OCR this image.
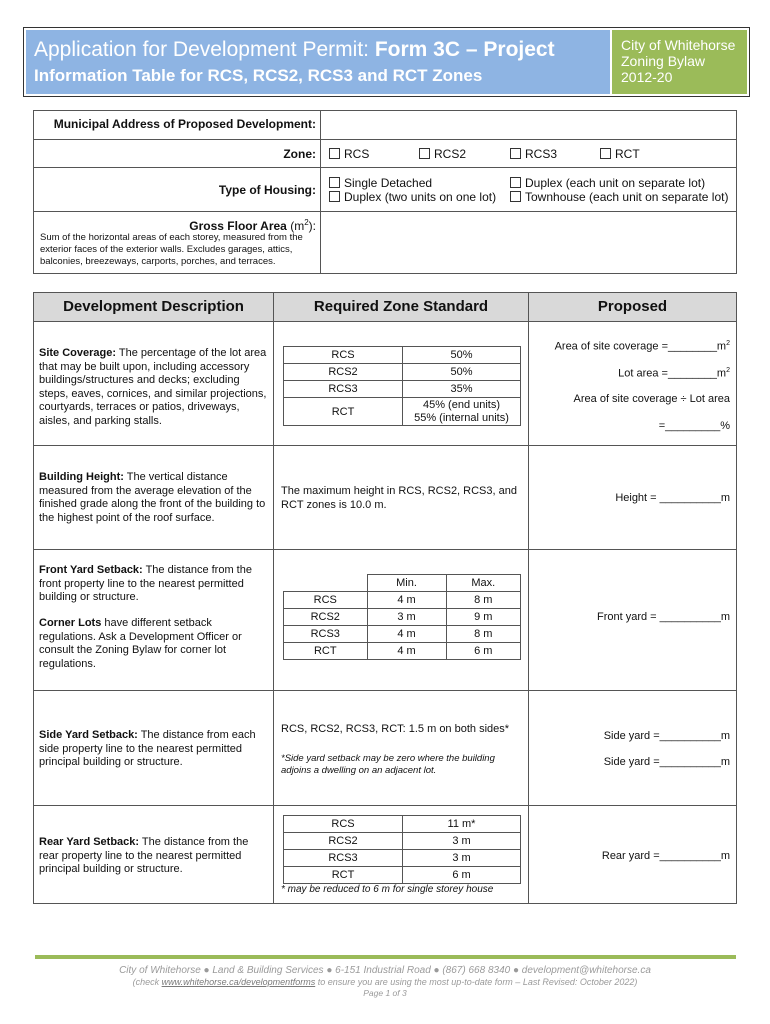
Application for Development Permit: Form 3C – Project
Information Table for RCS, RCS2, RCS3 and RCT Zones
City of Whitehorse
Zoning Bylaw
2012-20
Municipal Address of Proposed Development:
Zone:	RCS	RCS2	RCS3	RCT
Type of Housing:	Single Detached
Duplex (two units on one lot)
Duplex (each unit on separate lot)
Townhouse (each unit on separate lot)
Gross Floor Area $(m^2)$:
Sum of the horizontal areas of each storey, measured from the exterior faces of the exterior walls. Excludes garages, attics, balconies, breezeways, carports, porches, and terraces.
Development Description	Required Zone Standard	Proposed
Site Coverage: The percentage of the lot area that may be built upon, including accessory buildings/structures and decks; excluding steps, eaves, cornices, and similar projections, courtyards, terraces or patios, driveways, aisles, and parking stalls.
RCS	50%
RCS2	50%
RCS3	35%
RCT	45% (end units)
55% (internal units)
Area of site coverage $=\_\_\_\_\_\_\_\_m^2$
Lot area $=\_\_\_\_\_\_\_\_m^2$
Area of site coverage ÷ Lot area
=_________%
Building Height: The vertical distance measured from the average elevation of the finished grade along the front of the building to the highest point of the roof surface.
The maximum height in RCS, RCS2, RCS3, and RCT zones is 10.0 m.
Height = __________m
Front Yard Setback: The distance from the front property line to the nearest permitted building or structure.
Corner Lots have different setback regulations. Ask a Development Officer or consult the Zoning Bylaw for corner lot regulations.
	Min.	Max.
RCS	4 m	8 m
RCS2	3 m	9 m
RCS3	4 m	8 m
RCT	4 m	6 m
Front yard = __________m
Side Yard Setback: The distance from each side property line to the nearest permitted principal building or structure.
RCS, RCS2, RCS3, RCT: 1.5 m on both sides*
*Side yard setback may be zero where the building adjoins a dwelling on an adjacent lot.
Side yard =__________m
Side yard =__________m
Rear Yard Setback: The distance from the rear property line to the nearest permitted principal building or structure.
RCS	11 m*
RCS2	3 m
RCS3	3 m
RCT	6 m
* may be reduced to 6 m for single storey house
Rear yard =__________m
City of Whitehorse ● Land & Building Services ● 6-151 Industrial Road ● (867) 668 8340 ● development@whitehorse.ca
(check www.whitehorse.ca/developmentforms to ensure you are using the most up-to-date form – Last Revised: October 2022)
Page 1 of 3
